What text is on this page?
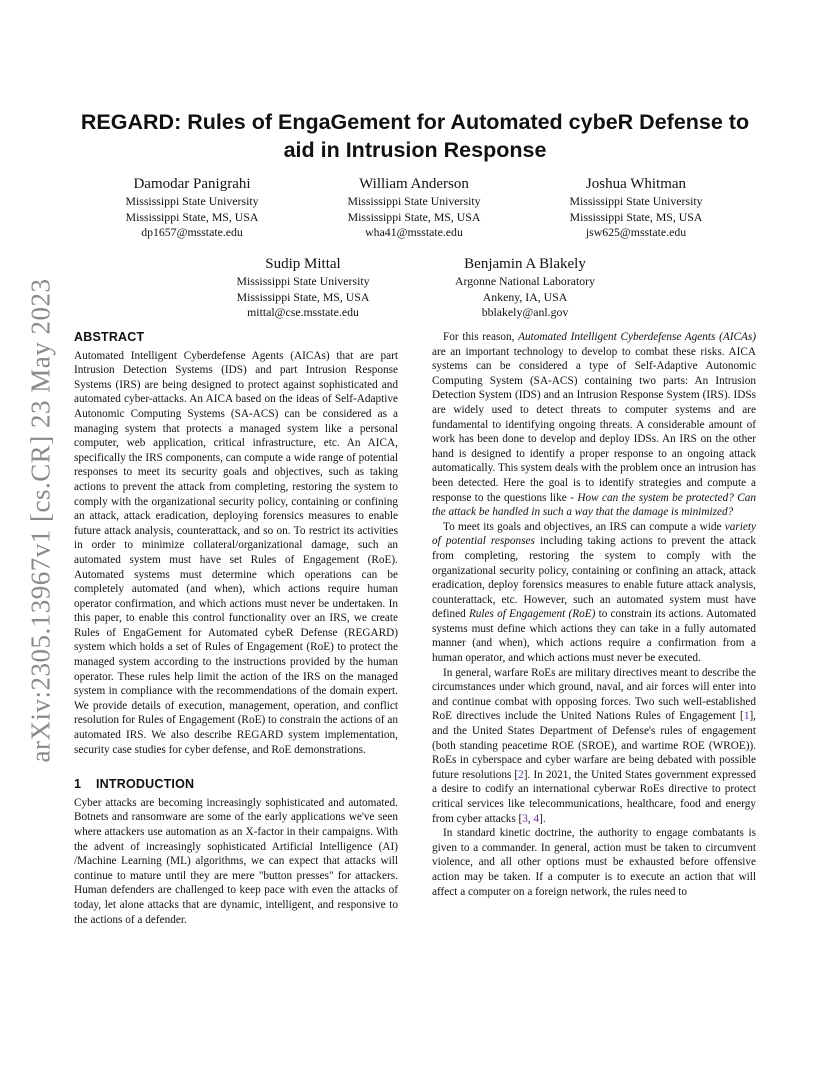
arXiv:2305.13967v1 [cs.CR] 23 May 2023
REGARD: Rules of EngaGement for Automated cybeR Defense to aid in Intrusion Response
Damodar Panigrahi
Mississippi State University
Mississippi State, MS, USA
dp1657@msstate.edu
William Anderson
Mississippi State University
Mississippi State, MS, USA
wha41@msstate.edu
Joshua Whitman
Mississippi State University
Mississippi State, MS, USA
jsw625@msstate.edu
Sudip Mittal
Mississippi State University
Mississippi State, MS, USA
mittal@cse.msstate.edu
Benjamin A Blakely
Argonne National Laboratory
Ankeny, IA, USA
bblakely@anl.gov
ABSTRACT

Automated Intelligent Cyberdefense Agents (AICAs) that are part Intrusion Detection Systems (IDS) and part Intrusion Response Systems (IRS) are being designed to protect against sophisticated and automated cyber-attacks. An AICA based on the ideas of Self-Adaptive Autonomic Computing Systems (SA-ACS) can be considered as a managing system that protects a managed system like a personal computer, web application, critical infrastructure, etc. An AICA, specifically the IRS components, can compute a wide range of potential responses to meet its security goals and objectives, such as taking actions to prevent the attack from completing, restoring the system to comply with the organizational security policy, containing or confining an attack, attack eradication, deploying forensics measures to enable future attack analysis, counterattack, and so on. To restrict its activities in order to minimize collateral/organizational damage, such an automated system must have set Rules of Engagement (RoE). Automated systems must determine which operations can be completely automated (and when), which actions require human operator confirmation, and which actions must never be undertaken. In this paper, to enable this control functionality over an IRS, we create Rules of EngaGement for Automated cybeR Defense (REGARD) system which holds a set of Rules of Engagement (RoE) to protect the managed system according to the instructions provided by the human operator. These rules help limit the action of the IRS on the managed system in compliance with the recommendations of the domain expert. We provide details of execution, management, operation, and conflict resolution for Rules of Engagement (RoE) to constrain the actions of an automated IRS. We also describe REGARD system implementation, security case studies for cyber defense, and RoE demonstrations.

1 INTRODUCTION

Cyber attacks are becoming increasingly sophisticated and automated. Botnets and ransomware are some of the early applications we've seen where attackers use automation as an X-factor in their campaigns. With the advent of increasingly sophisticated Artificial Intelligence (AI) /Machine Learning (ML) algorithms, we can expect that attacks will continue to mature until they are mere "button presses" for attackers. Human defenders are challenged to keep pace with even the attacks of today, let alone attacks that are dynamic, intelligent, and responsive to the actions of a defender.

For this reason, Automated Intelligent Cyberdefense Agents (AICAs) are an important technology to develop to combat these risks. AICA systems can be considered a type of Self-Adaptive Autonomic Computing System (SA-ACS) containing two parts: An Intrusion Detection System (IDS) and an Intrusion Response System (IRS). IDSs are widely used to detect threats to computer systems and are fundamental to identifying ongoing threats. A considerable amount of work has been done to develop and deploy IDSs. An IRS on the other hand is designed to identify a proper response to an ongoing attack automatically. This system deals with the problem once an intrusion has been detected. Here the goal is to identify strategies and compute a response to the questions like - How can the system be protected? Can the attack be handled in such a way that the damage is minimized?

To meet its goals and objectives, an IRS can compute a wide variety of potential responses including taking actions to prevent the attack from completing, restoring the system to comply with the organizational security policy, containing or confining an attack, attack eradication, deploy forensics measures to enable future attack analysis, counterattack, etc. However, such an automated system must have defined Rules of Engagement (RoE) to constrain its actions. Automated systems must define which actions they can take in a fully automated manner (and when), which actions require a confirmation from a human operator, and which actions must never be executed.

In general, warfare RoEs are military directives meant to describe the circumstances under which ground, naval, and air forces will enter into and continue combat with opposing forces. Two such well-established RoE directives include the United Nations Rules of Engagement [1], and the United States Department of Defense's rules of engagement (both standing peacetime ROE (SROE), and wartime ROE (WROE)). RoEs in cyberspace and cyber warfare are being debated with possible future resolutions [2]. In 2021, the United States government expressed a desire to codify an international cyberwar RoEs directive to protect critical services like telecommunications, healthcare, food and energy from cyber attacks [3, 4].

In standard kinetic doctrine, the authority to engage combatants is given to a commander. In general, action must be taken to circumvent violence, and all other options must be exhausted before offensive action may be taken. If a computer is to execute an action that will affect a computer on a foreign network, the rules need to
